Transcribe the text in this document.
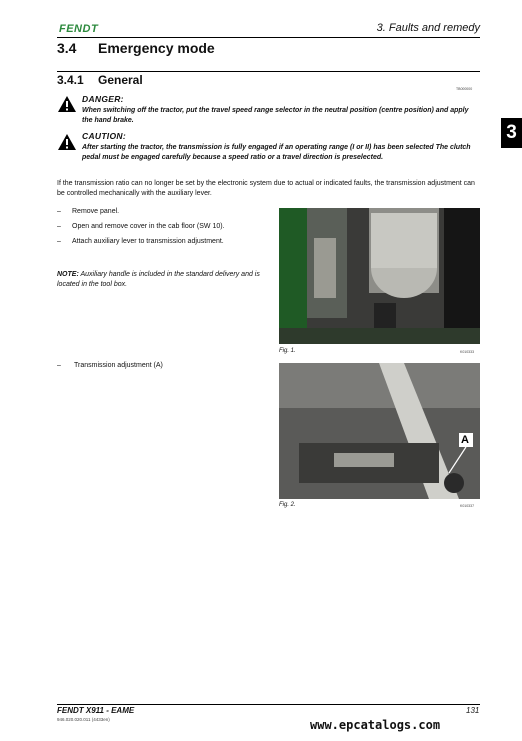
FENDT	3. Faults and remedy
3.4 Emergency mode
3.4.1 General
TB000000
3
DANGER:
When switching off the tractor, put the travel speed range selector in the neutral position (centre position) and apply the hand brake.
CAUTION:
After starting the tractor, the transmission is fully engaged if an operating range (I or II) has been selected The clutch pedal must be engaged carefully because a speed ratio or a travel direction is preselected.
If the transmission ratio can no longer be set by the electronic system due to actual or indicated faults, the transmission adjustment can be controlled mechanically with the auxiliary lever.
–	Remove panel.
–	Open and remove cover in the cab floor (SW 10).
–	Attach auxiliary lever to transmission adjustment.
NOTE: Auxiliary handle is included in the standard delivery and is located in the tool box.
–	Transmission adjustment (A)
Fig. 1.	K010333
A
Fig. 2.	K010337
FENDT X911 - EAME
946.020.020.011 (4433en)
131
www.epcatalogs.com
